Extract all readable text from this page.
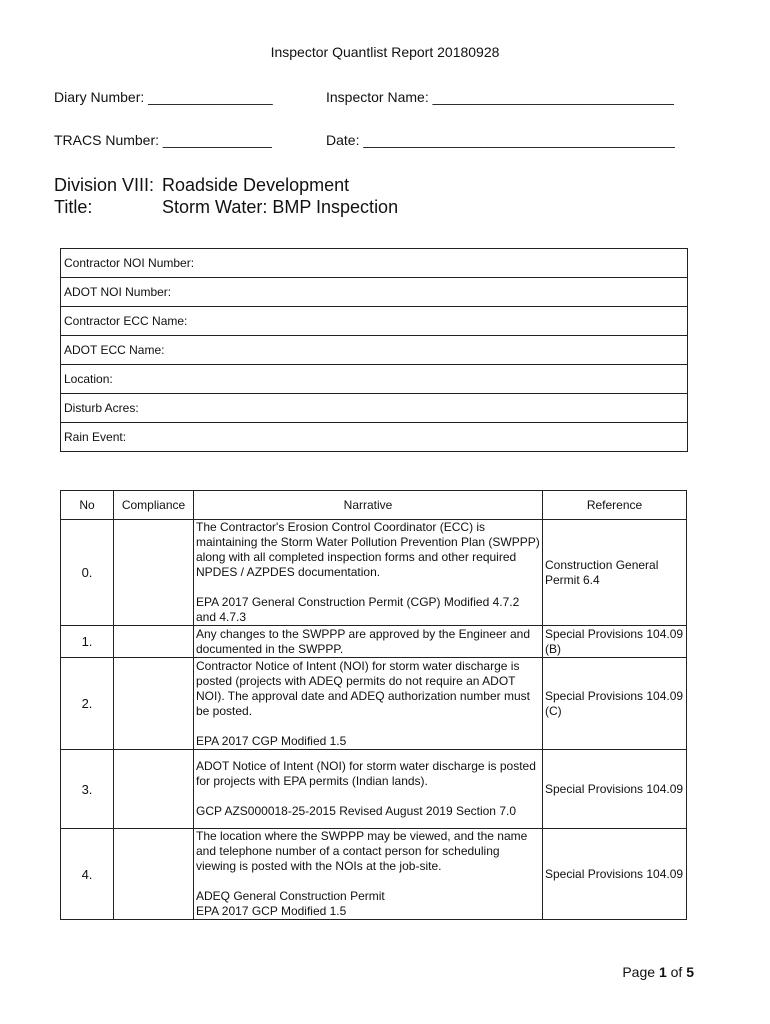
Inspector Quantlist Report 20180928
Diary Number: ________________	Inspector Name: _______________________________
TRACS Number: ______________	Date: ________________________________________
Division VIII: Roadside Development
Title:	Storm Water: BMP Inspection
Contractor NOI Number:
ADOT NOI Number:
Contractor ECC Name:
ADOT ECC Name:
Location:
Disturb Acres:
Rain Event:
No	Compliance	Narrative	Reference
0.		The Contractor's Erosion Control Coordinator (ECC) is maintaining the Storm Water Pollution Prevention Plan (SWPPP) along with all completed inspection forms and other required NPDES / AZPDES documentation.

EPA 2017 General Construction Permit (CGP) Modified 4.7.2 and 4.7.3	Construction General Permit 6.4
1.		Any changes to the SWPPP are approved by the Engineer and documented in the SWPPP.	Special Provisions 104.09 (B)
2.		Contractor Notice of Intent (NOI) for storm water discharge is posted (projects with ADEQ permits do not require an ADOT NOI). The approval date and ADEQ authorization number must be posted.

EPA 2017 CGP Modified 1.5	Special Provisions 104.09 (C)
3.		ADOT Notice of Intent (NOI) for storm water discharge is posted for projects with EPA permits (Indian lands).

GCP AZS000018-25-2015 Revised August 2019 Section 7.0	Special Provisions 104.09
4.		The location where the SWPPP may be viewed, and the name and telephone number of a contact person for scheduling viewing is posted with the NOIs at the job-site.

ADEQ General Construction Permit
EPA 2017 GCP Modified 1.5	Special Provisions 104.09
Page 1 of 5
